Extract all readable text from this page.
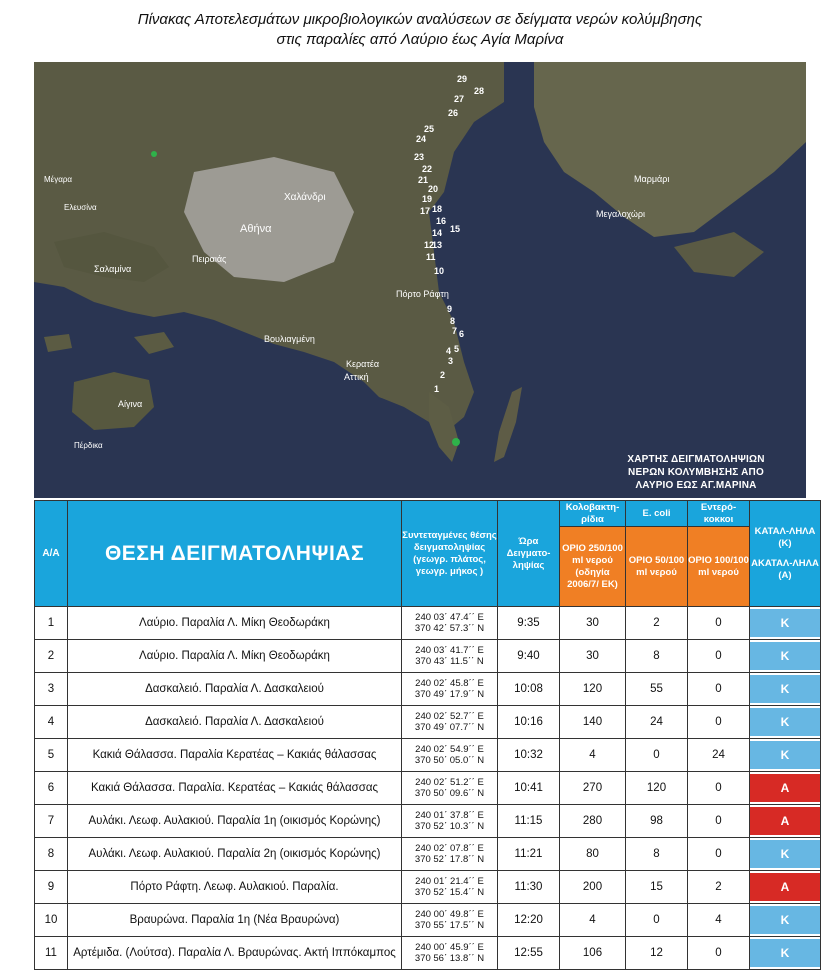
Πίνακας Αποτελεσμάτων μικροβιολογικών αναλύσεων σε δείγματα νερών κολύμβησης
στις παραλίες από Λαύριο έως Αγία Μαρίνα
29
28
27
26
25
24
23
22
21
20
19
18
17
16
15
14
13
12
11
10
9
8
7 6
5
4
3
2
1
Αθήνα
Πειραιάς
Χαλάνδρι
Αίγινα
Σαλαμίνα
Πόρτο Ράφτη
Μεγαλοχώρι
Βουλιαγμένη
Κερατέα
Αττική
Πέρδικα
Ελευσίνα
Μέγαρα	Μαρμάρι
ΧΑΡΤΗΣ ΔΕΙΓΜΑΤΟΛΗΨΙΩΝ
ΝΕΡΩΝ ΚΟΛΥΜΒΗΣΗΣ ΑΠΟ
ΛΑΥΡΙΟ ΕΩΣ ΑΓ.ΜΑΡΙΝΑ
Α/Α	ΘΕΣΗ ΔΕΙΓΜΑΤΟΛΗΨΙΑΣ	Συντεταγμένες θέσης δειγματοληψίας (γεωγρ. πλάτος, γεωγρ. μήκος )	Ώρα Δειγματο-ληψίας	Κολοβακτη-ρίδια	E. coli	Εντερό-κοκκοι	ΚΑΤΑΛ-ΛΗΛΑ (Κ)
ΑΚΑΤΑΛ-ΛΗΛΑ (Α)

				ΟΡΙΟ 250/100 ml νερού (οδηγία 2006/7/ ΕΚ)	ΟΡΙΟ 50/100 ml νερού	ΟΡΙΟ 100/100 ml νερού	
1	Λαύριο. Παραλία Λ. Μίκη Θεοδωράκη	240 03΄ 47.4΄΄ E
370 42΄ 57.3΄΄ N	9:35	30	2	0	Κ

2	Λαύριο. Παραλία Λ. Μίκη Θεοδωράκη	240 03΄ 41.7΄΄ E
370 43΄ 11.5΄΄ N	9:40	30	8	0	Κ

3	Δασκαλειό. Παραλία Λ. Δασκαλειού	240 02΄ 45.8΄΄ E
370 49΄ 17.9΄΄ N	10:08	120	55	0	Κ

4	Δασκαλειό. Παραλία Λ. Δασκαλειού	240 02΄ 52.7΄΄ E
370 49΄ 07.7΄΄ N	10:16	140	24	0	Κ

5	Κακιά Θάλασσα. Παραλία Κερατέας – Κακιάς θάλασσας	240 02΄ 54.9΄΄ E
370 50΄ 05.0΄΄ N	10:32	4	0	24	Κ

6	Κακιά Θάλασσα. Παραλία. Κερατέας – Κακιάς θάλασσας	240 02΄ 51.2΄΄ E
370 50΄ 09.6΄΄ N	10:41	270	120	0	Α

7	Αυλάκι. Λεωφ. Αυλακιού. Παραλία 1η (οικισμός Κορώνης)	240 01΄ 37.8΄΄ E
370 52΄ 10.3΄΄ N	11:15	280	98	0	Α

8	Αυλάκι. Λεωφ. Αυλακιού. Παραλία 2η (οικισμός Κορώνης)	240 02΄ 07.8΄΄ E
370 52΄ 17.8΄΄ N	11:21	80	8	0	Κ

9	Πόρτο Ράφτη. Λεωφ. Αυλακιού. Παραλία.	240 01΄ 21.4΄΄ E
370 52΄ 15.4΄΄ N	11:30	200	15	2	Α

10	Βραυρώνα. Παραλία 1η (Νέα Βραυρώνα)	240 00΄ 49.8΄΄ E
370 55΄ 17.5΄΄ N	12:20	4	0	4	Κ

11	Αρτέμιδα. (Λούτσα). Παραλία Λ. Βραυρώνας. Ακτή Ιππόκαμπος	240 00΄ 45.9΄΄ E
370 56΄ 13.8΄΄ N	12:55	106	12	0	Κ
